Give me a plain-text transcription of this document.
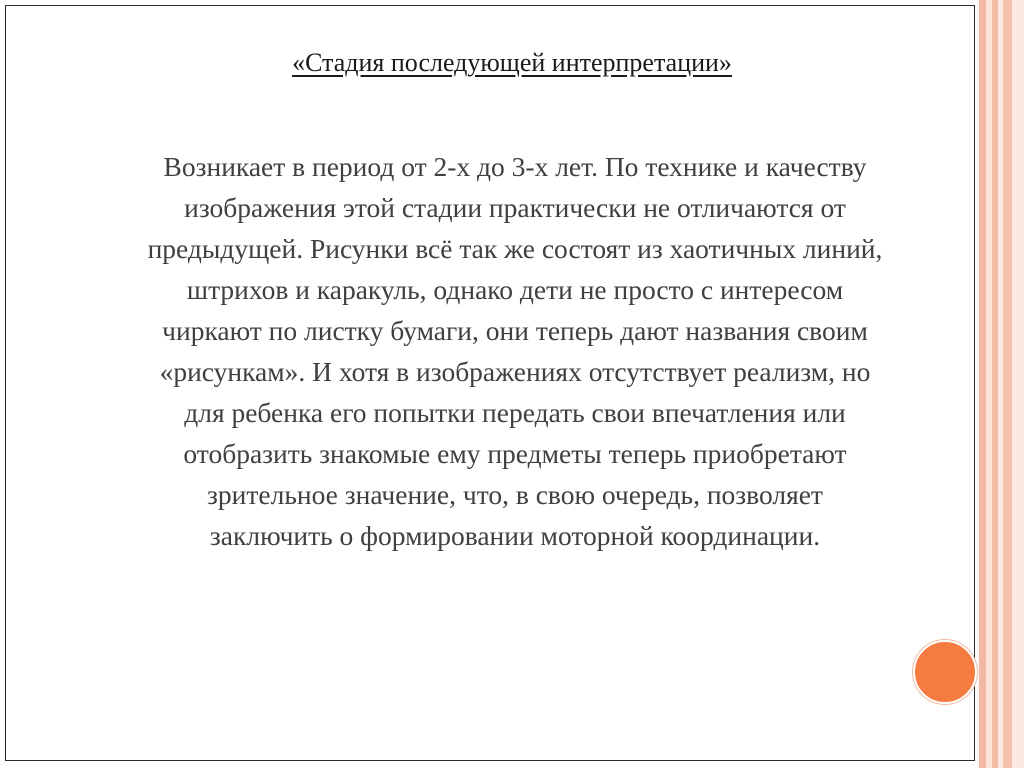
«Стадия последующей интерпретации»
Возникает в период от 2-х до 3-х лет. По технике и качеству
изображения этой стадии практически не отличаются от
предыдущей. Рисунки всё так же состоят из хаотичных линий,
штрихов и каракуль, однако дети не просто с интересом
чиркают по листку бумаги, они теперь дают названия своим
«рисункам». И хотя в изображениях отсутствует реализм, но
для ребенка его попытки передать свои впечатления или
отобразить знакомые ему предметы теперь приобретают
зрительное значение, что, в свою очередь, позволяет
заключить о формировании моторной координации.
